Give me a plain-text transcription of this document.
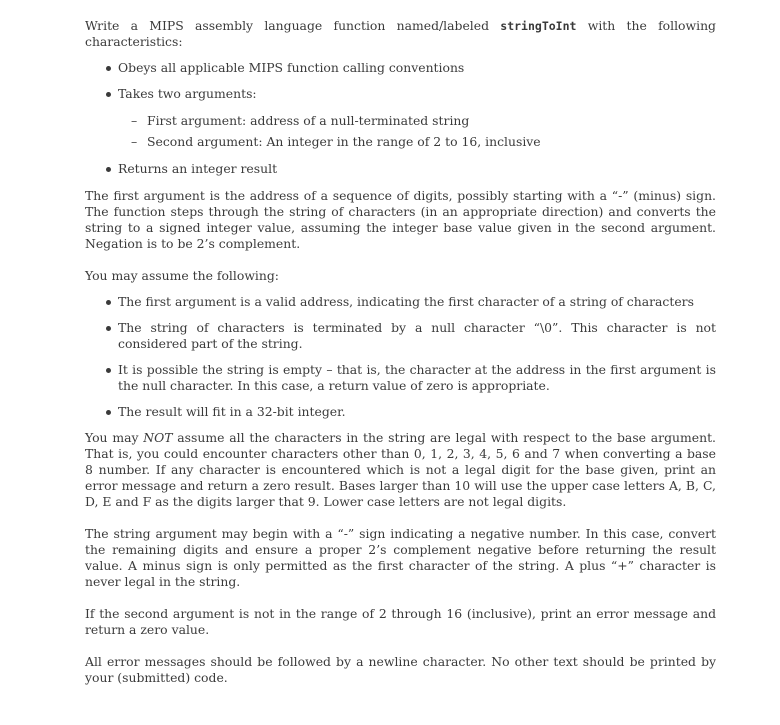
Write a MIPS assembly language function named/labeled stringToInt with the following characteristics:

Obeys all applicable MIPS function calling conventions
Takes two arguments:
– First argument: address of a null-terminated string
– Second argument: An integer in the range of 2 to 16, inclusive
Returns an integer result

The first argument is the address of a sequence of digits, possibly starting with a “-” (minus) sign. The function steps through the string of characters (in an appropriate direction) and converts the string to a signed integer value, assuming the integer base value given in the second argument. Negation is to be 2’s complement.

You may assume the following:

The first argument is a valid address, indicating the first character of a string of characters
The string of characters is terminated by a null character “\0”. This character is not considered part of the string.
It is possible the string is empty – that is, the character at the address in the first argument is the null character. In this case, a return value of zero is appropriate.
The result will fit in a 32-bit integer.

You may NOT assume all the characters in the string are legal with respect to the base argument. That is, you could encounter characters other than 0, 1, 2, 3, 4, 5, 6 and 7 when converting a base 8 number. If any character is encountered which is not a legal digit for the base given, print an error message and return a zero result. Bases larger than 10 will use the upper case letters A, B, C, D, E and F as the digits larger that 9. Lower case letters are not legal digits.

The string argument may begin with a “-” sign indicating a negative number. In this case, convert the remaining digits and ensure a proper 2’s complement negative before returning the result value. A minus sign is only permitted as the first character of the string. A plus “+” character is never legal in the string.

If the second argument is not in the range of 2 through 16 (inclusive), print an error message and return a zero value.

All error messages should be followed by a newline character. No other text should be printed by your (submitted) code.
